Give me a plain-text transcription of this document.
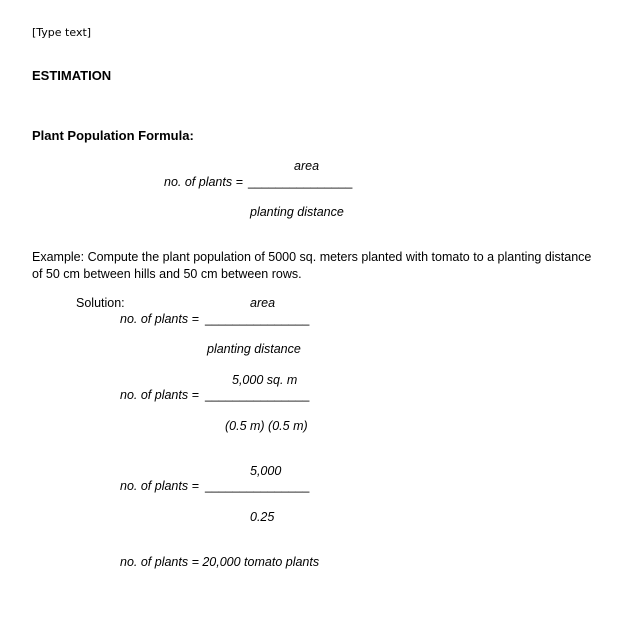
[Type text]
ESTIMATION
Plant Population Formula:
area
no. of plants = _______________
planting distance
Example: Compute the plant population of 5000 sq. meters planted with tomato to a planting distance of 50 cm between hills and 50 cm between rows.
Solution:	area
no. of plants = _______________
planting distance
5,000 sq. m
no. of plants = _______________
(0.5 m) (0.5 m)
5,000
no. of plants = _______________
0.25
no. of plants = 20,000 tomato plants
